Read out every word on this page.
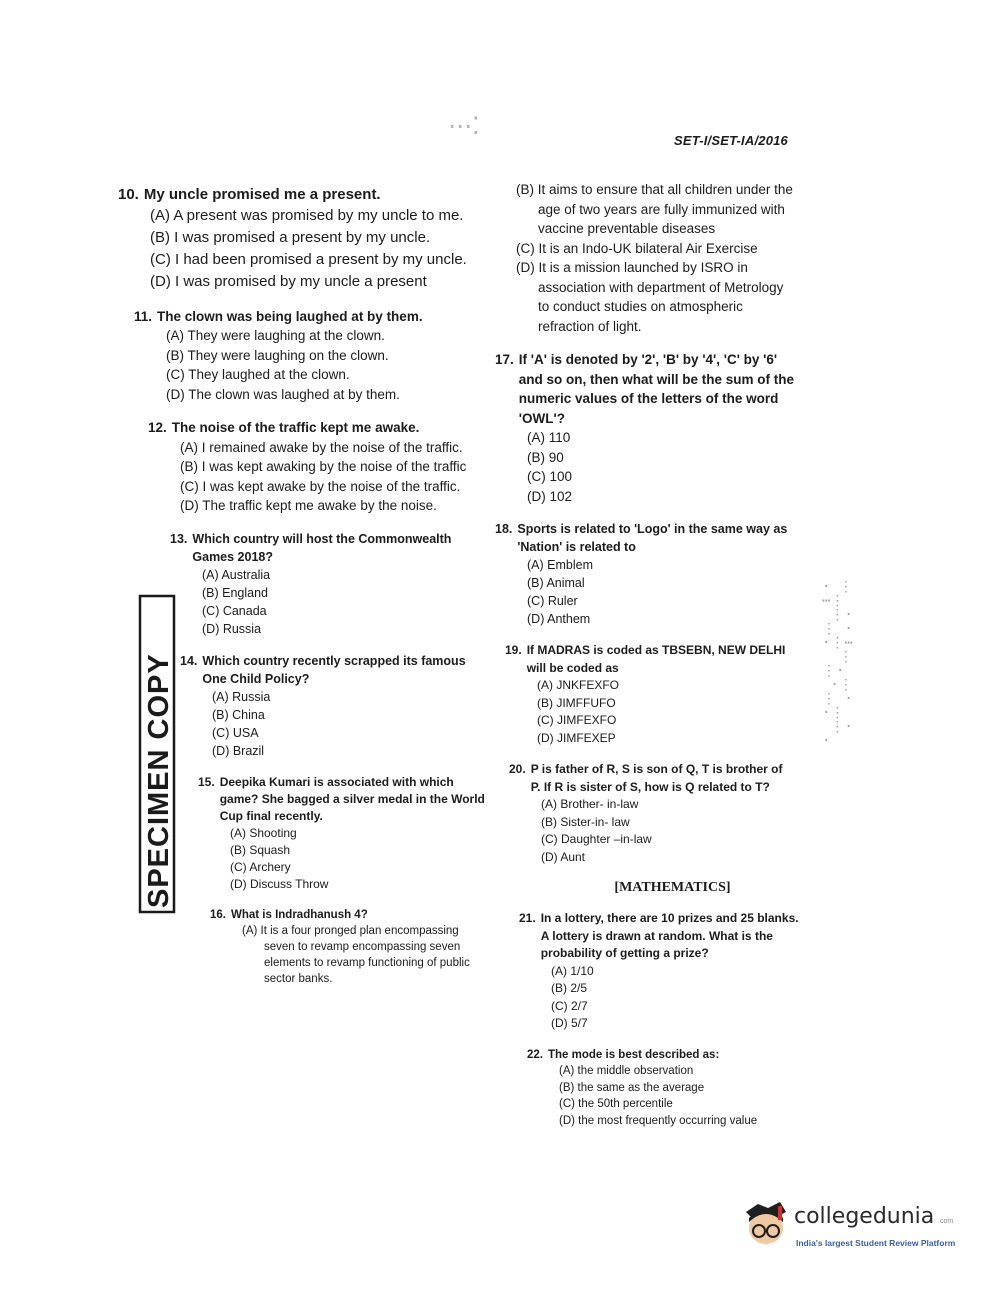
⋯⁚
SET-I/SET-IA/2016
10. My uncle promised me a present.
(A) A present was promised by my uncle to me.
(B) I was promised a present by my uncle.
(C) I had been promised a present by my uncle.
(D) I was promised by my uncle a present
11. The clown was being laughed at by them.
(A) They were laughing at the clown.
(B) They were laughing on the clown.
(C) They laughed at the clown.
(D) The clown was laughed at by them.
12. The noise of the traffic kept me awake.
(A) I remained awake by the noise of the traffic.
(B) I was kept awaking by the noise of the traffic
(C) I was kept awake by the noise of the traffic.
(D) The traffic kept me awake by the noise.
13. Which country will host the Commonwealth Games 2018?
(A) Australia
(B) England
(C) Canada
(D) Russia
14. Which country recently scrapped its famous One Child Policy?
(A) Russia
(B) China
(C) USA
(D) Brazil
15. Deepika Kumari is associated with which game? She bagged a silver medal in the World Cup final recently.
(A) Shooting
(B) Squash
(C) Archery
(D) Discuss Throw
16. What is Indradhanush 4?
(A) It is a four pronged plan encompassing seven to revamp encompassing seven elements to revamp functioning of public sector banks.
(B) It aims to ensure that all children under the age of two years are fully immunized with vaccine preventable diseases
(C) It is an Indo-UK bilateral Air Exercise
(D) It is a mission launched by ISRO in association with department of Metrology to conduct studies on atmospheric refraction of light.
17. If 'A' is denoted by '2', 'B' by '4', 'C' by '6' and so on, then what will be the sum of the numeric values of the letters of the word 'OWL'?
(A) 110
(B) 90
(C) 100
(D) 102
18. Sports is related to 'Logo' in the same way as 'Nation' is related to
(A) Emblem
(B) Animal
(C) Ruler
(D) Anthem
19. If MADRAS is coded as TBSEBN, NEW DELHI will be coded as
(A) JNKFEXFO
(B) JIMFFUFO
(C) JIMFEXFO
(D) JIMFEXEP
20. P is father of R, S is son of Q, T is brother of P. If R is sister of S, how is Q related to T?
(A) Brother- in-law
(B) Sister-in- law
(C) Daughter –in-law
(D) Aunt
[MATHEMATICS]
21. In a lottery, there are 10 prizes and 25 blanks. A lottery is drawn at random. What is the probability of getting a prize?
(A) 1/10
(B) 2/5
(C) 2/7
(D) 5/7
22. The mode is best described as:
(A) the middle observation
(B) the same as the average
(C) the 50th percentile
(D) the most frequently occurring value
SPECIMEN COPY
· ⋮
⋯⋮
⋮·
⋮ ·
·⋮⋯
⋮
⋮·
·⋮
⋮ ·
·⋮
⋮·
·
collegedunia .com
India's largest Student Review Platform
